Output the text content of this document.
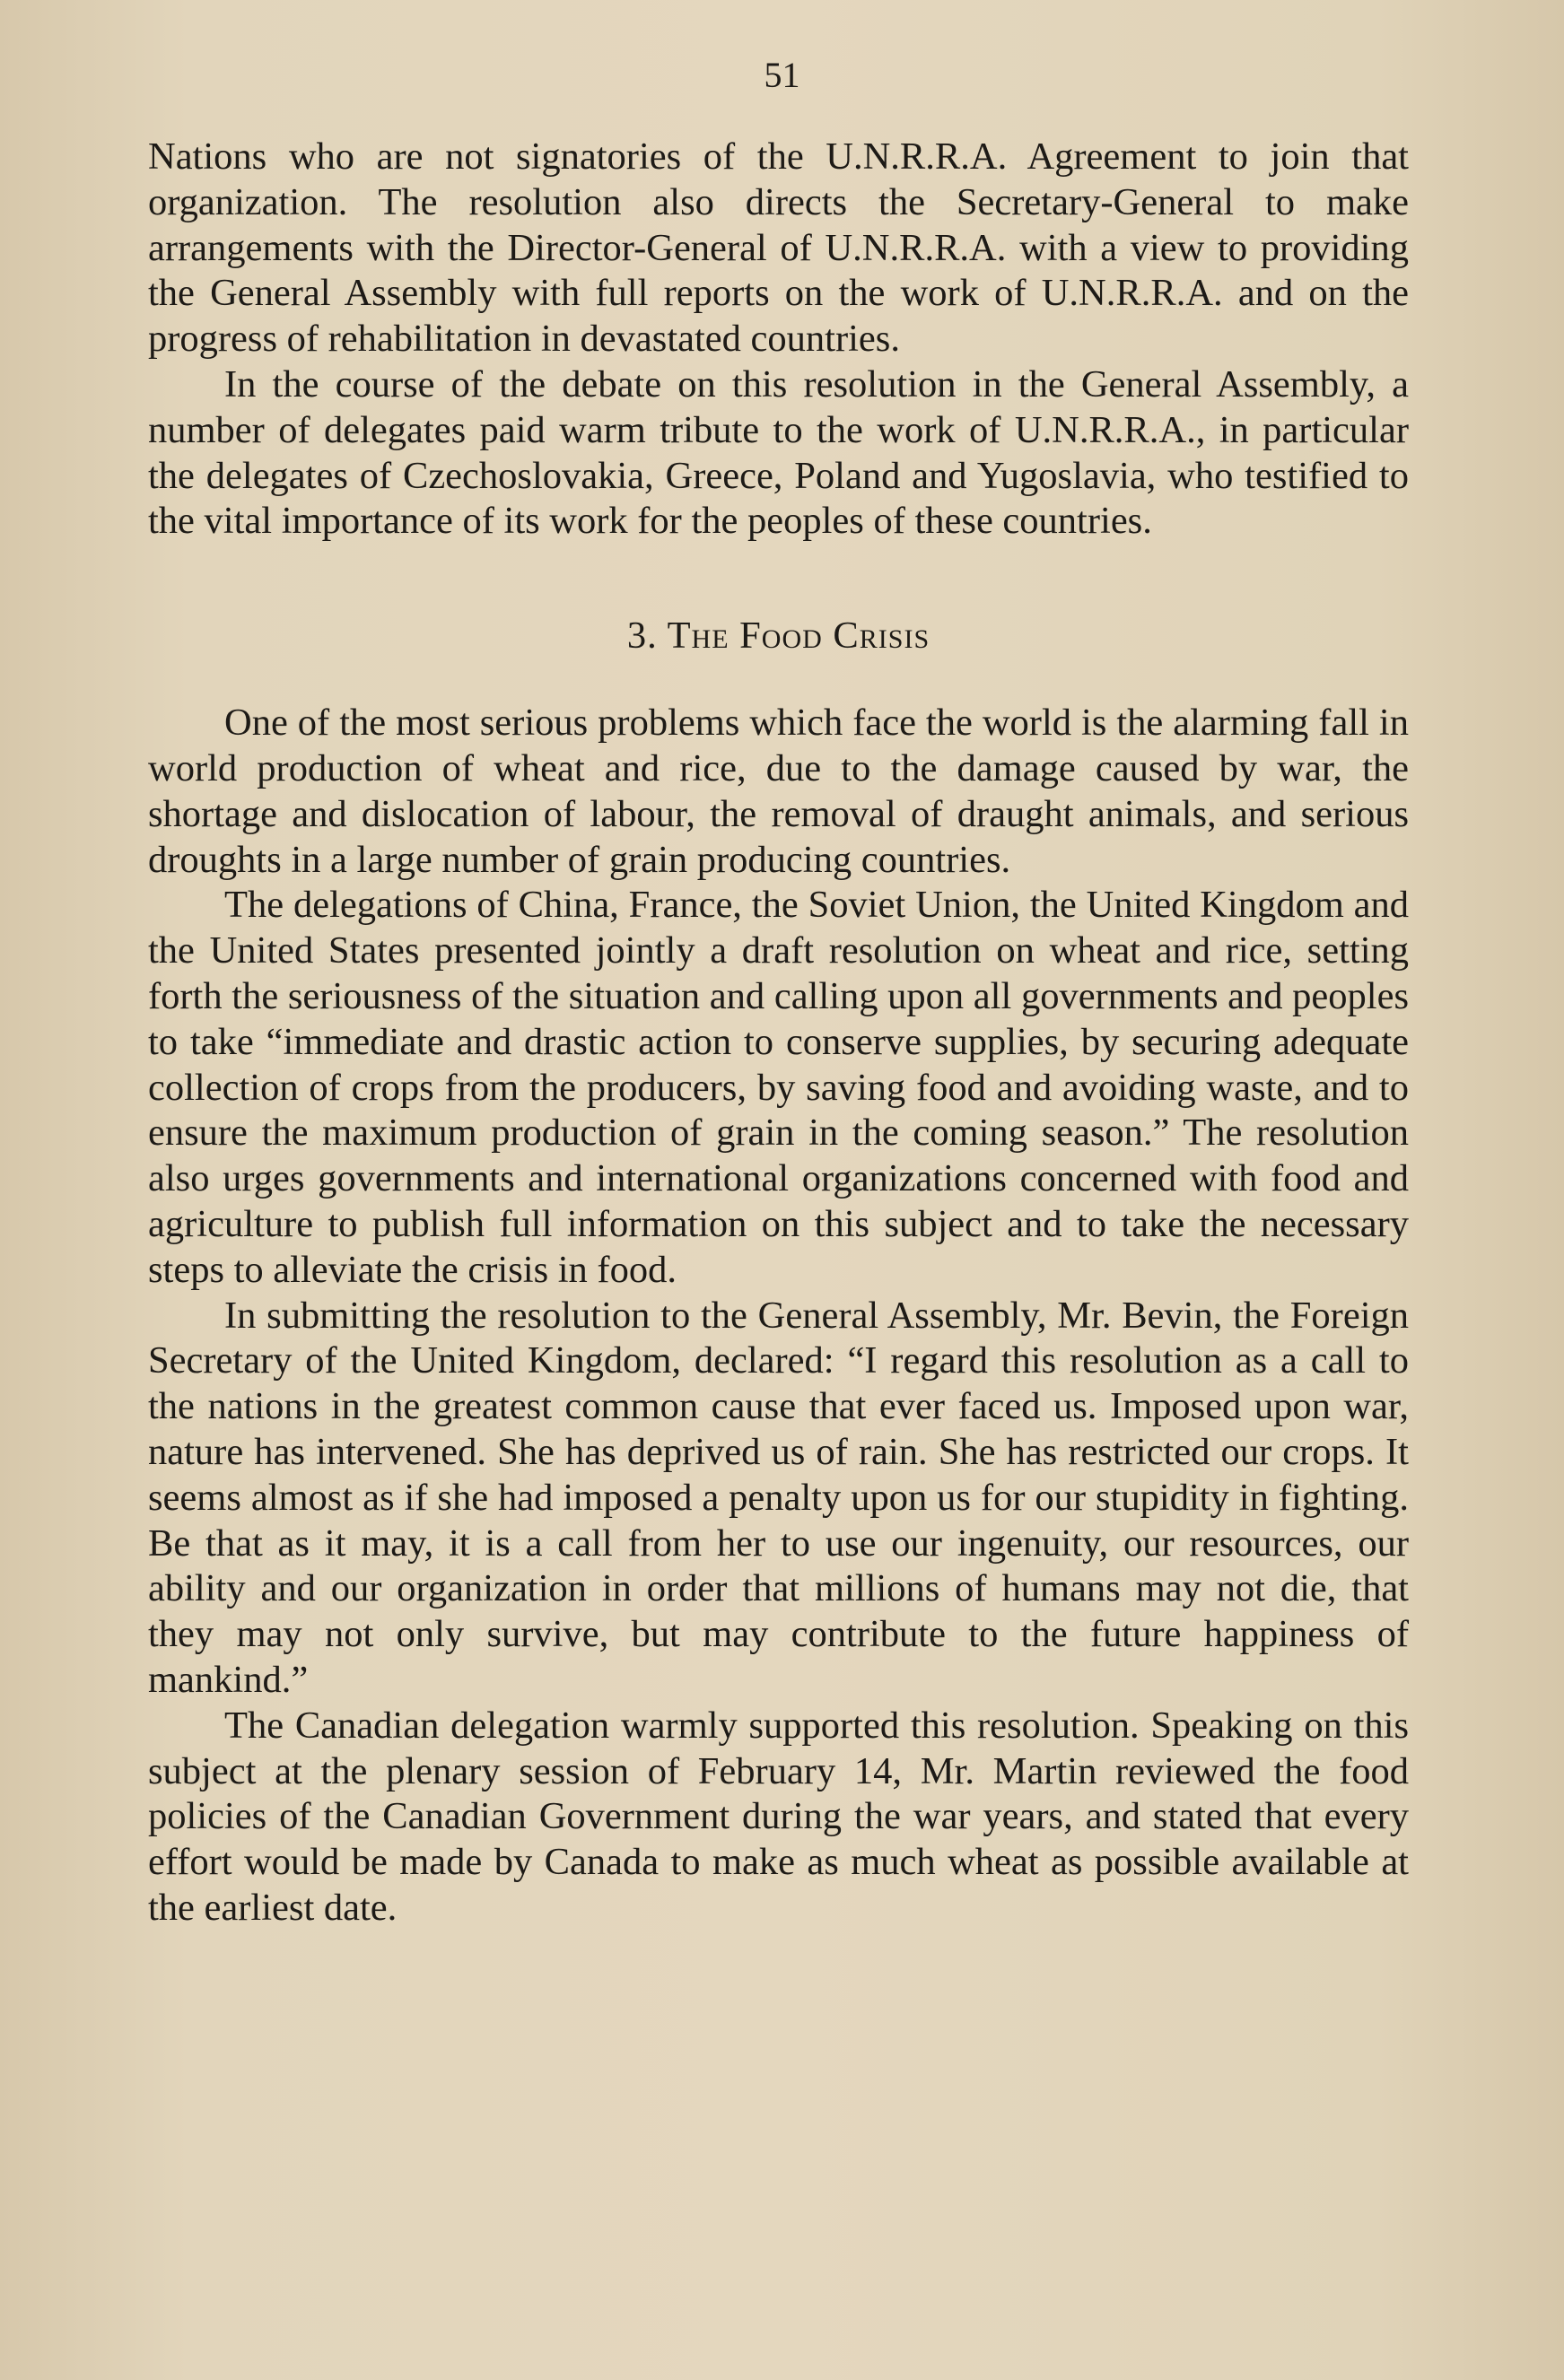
51

Nations who are not signatories of the U.N.R.R.A. Agreement to join that organization. The resolution also directs the Secretary-General to make arrangements with the Director-General of U.N.R.R.A. with a view to providing the General Assembly with full reports on the work of U.N.R.R.A. and on the progress of rehabilitation in devastated countries.

In the course of the debate on this resolution in the General Assembly, a number of delegates paid warm tribute to the work of U.N.R.R.A., in particular the delegates of Czechoslovakia, Greece, Poland and Yugoslavia, who testified to the vital importance of its work for the peoples of these countries.

3. The Food Crisis

One of the most serious problems which face the world is the alarming fall in world production of wheat and rice, due to the damage caused by war, the shortage and dislocation of labour, the removal of draught animals, and serious droughts in a large number of grain producing countries.

The delegations of China, France, the Soviet Union, the United Kingdom and the United States presented jointly a draft resolution on wheat and rice, setting forth the seriousness of the situation and calling upon all governments and peoples to take “immediate and drastic action to conserve supplies, by securing adequate collection of crops from the producers, by saving food and avoiding waste, and to ensure the maximum production of grain in the coming season.” The resolution also urges governments and international organizations concerned with food and agriculture to publish full information on this subject and to take the necessary steps to alleviate the crisis in food.

In submitting the resolution to the General Assembly, Mr. Bevin, the Foreign Secretary of the United Kingdom, declared: “I regard this resolution as a call to the nations in the greatest common cause that ever faced us. Imposed upon war, nature has intervened. She has deprived us of rain. She has restricted our crops. It seems almost as if she had imposed a penalty upon us for our stupidity in fighting. Be that as it may, it is a call from her to use our ingenuity, our resources, our ability and our organization in order that millions of humans may not die, that they may not only survive, but may contribute to the future happiness of mankind.”

The Canadian delegation warmly supported this resolution. Speaking on this subject at the plenary session of February 14, Mr. Martin reviewed the food policies of the Canadian Government during the war years, and stated that every effort would be made by Canada to make as much wheat as possible available at the earliest date.
